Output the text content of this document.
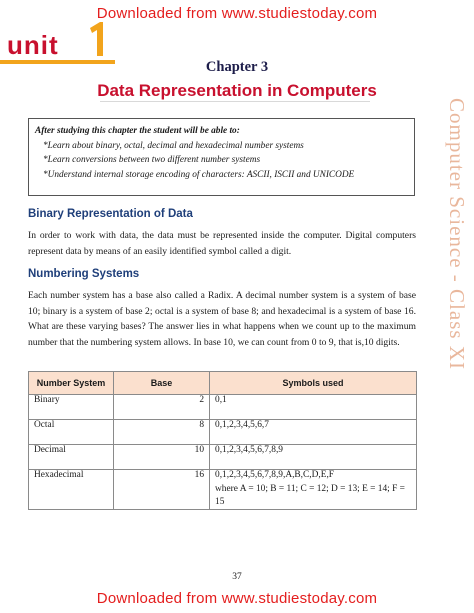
Downloaded from www.studiestoday.com
unit
Chapter 3
Data Representation in Computers
After studying this chapter the student will be able to:
*Learn about binary, octal, decimal and hexadecimal number systems
*Learn conversions between two different number systems
*Understand internal storage encoding of characters: ASCII, ISCII and UNICODE	Computer Science - Class XI
Binary Representation of Data
In order to work with data, the data must be represented inside the computer. Digital computers represent data by means of an easily identified symbol called a digit.
Numbering Systems
Each number system has a base also called a Radix. A decimal number system is a system of base 10; binary is a system of base 2; octal is a system of base 8; and hexadecimal is a system of base 16. What are these varying bases? The answer lies in what happens when we count up to the maximum number that the numbering system allows. In base 10, we can count from 0 to 9, that is,10 digits.
Number System	Base	Symbols used
Binary	2	0,1
Octal	8	0,1,2,3,4,5,6,7
Decimal	10	0,1,2,3,4,5,6,7,8,9
Hexadecimal	16	0,1,2,3,4,5,6,7,8,9,A,B,C,D,E,F
where A = 10; B = 11; C = 12; D = 13; E = 14; F = 15
37
Downloaded from www.studiestoday.com
